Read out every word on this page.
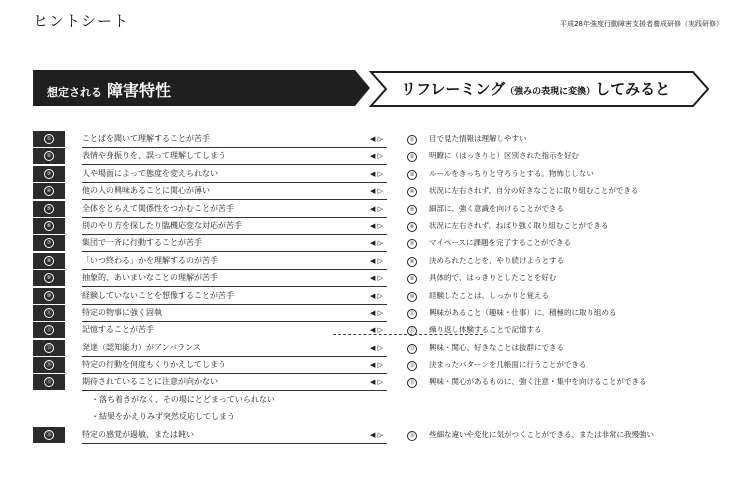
ヒントシート	平成28年強度行動障害支援者養成研修（実践研修）
想定される 障害特性	リフレーミング（強みの表現に変換）してみると
①	ことばを聞いて理解することが苦手	◀ ▷	①	目で見た情報は理解しやすい
②	表情や身振りを、誤って理解してしまう	◀ ▷	②	明瞭に（はっきりと）区別された指示を好む
③	人や場面によって態度を変えられない	◀ ▷	③	ルールをきっちりと守ろうとする。物怖じしない
④	他の人の興味あることに関心が薄い	◀ ▷	④	状況に左右されず、自分の好きなことに取り組むことができる
⑤	全体をとらえて関係性をつかむことが苦手	◀ ▷	⑤	細部に、強く意識を向けることができる
⑥	別のやり方を探したり臨機応変な対応が苦手	◀ ▷	⑥	状況に左右されず、ねばり強く取り組むことができる
⑦	集団で一斉に行動することが苦手	◀ ▷	⑦	マイペースに課題を完了することができる
⑧	「いつ終わる」かを理解するのが苦手	◀ ▷	⑧	決められたことを、やり続けようとする
⑨	抽象的、あいまいなことの理解が苦手	◀ ▷	⑨	具体的で、はっきりとしたことを好む
⑩	経験していないことを想像することが苦手	◀ ▷	⑩	経験したことは、しっかりと覚える
⑪	特定の物事に強く固執	◀ ▷	⑪	興味があること（趣味・仕事）に、積極的に取り組める
⑫	記憶することが苦手	◀ ▷	⑫	繰り返し体験することで記憶する
⑬	発達（認知能力）がアンバランス	◀ ▷	⑬	興味・関心、好きなことは抜群にできる
⑭	特定の行動を何度もくりかえしてしまう	◀ ▷	⑭	決まったパターンを几帳面に行うことができる
⑮	期待されていることに注意が向かない	◀ ▷	⑮	興味・関心があるものに、強く注意・集中を向けることができる
・落ち着きがなく、その場にとどまっていられない
・結果をかえりみず突然反応してしまう
⑯	特定の感覚が過敏、または鈍い	◀ ▷	⑯	些細な違いや変化に気がつくことができる、または非常に我慢強い
